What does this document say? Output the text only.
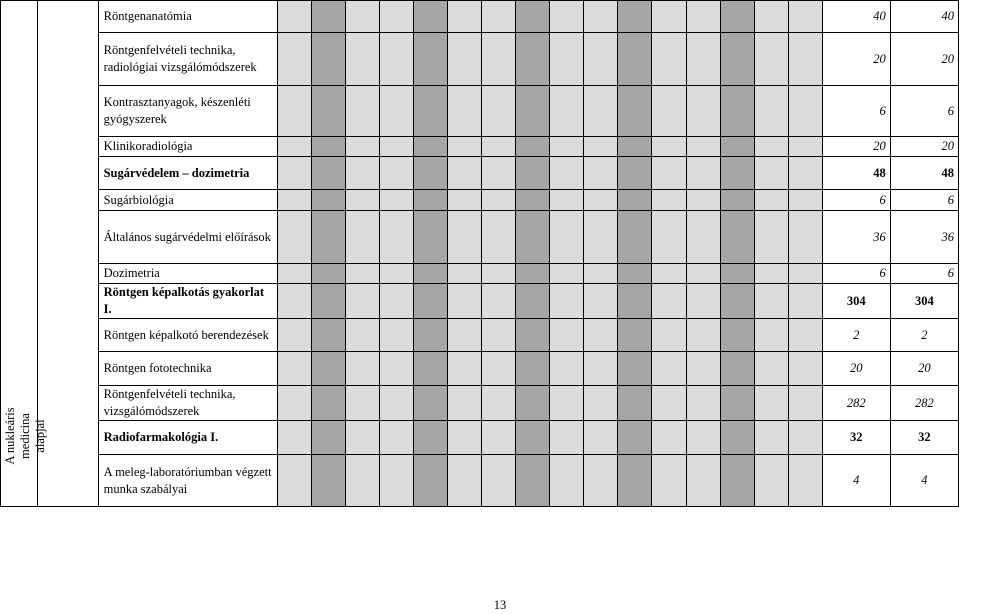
A nukleáris medicina alapjai		Röntgenanatómia																	40	40
		Röntgenfelvételi technika, radiológiai vizsgálómódszerek																	20	20
		Kontrasztanyagok, készenléti gyógyszerek																	6	6
		Klinikoradiológia																	20	20
		Sugárvédelem – dozimetria																	48	48
		Sugárbiológia																	6	6
		Általános sugárvédelmi előírások																	36	36
		Dozimetria																	6	6
		Röntgen képalkotás gyakorlat I.																	304	304
		Röntgen képalkotó berendezések																	2	2
		Röntgen fototechnika																	20	20
		Röntgenfelvételi technika, vizsgálómódszerek																	282	282
		Radiofarmakológia I.																	32	32
		A meleg-laboratóriumban végzett munka szabályai																	4	4
13
